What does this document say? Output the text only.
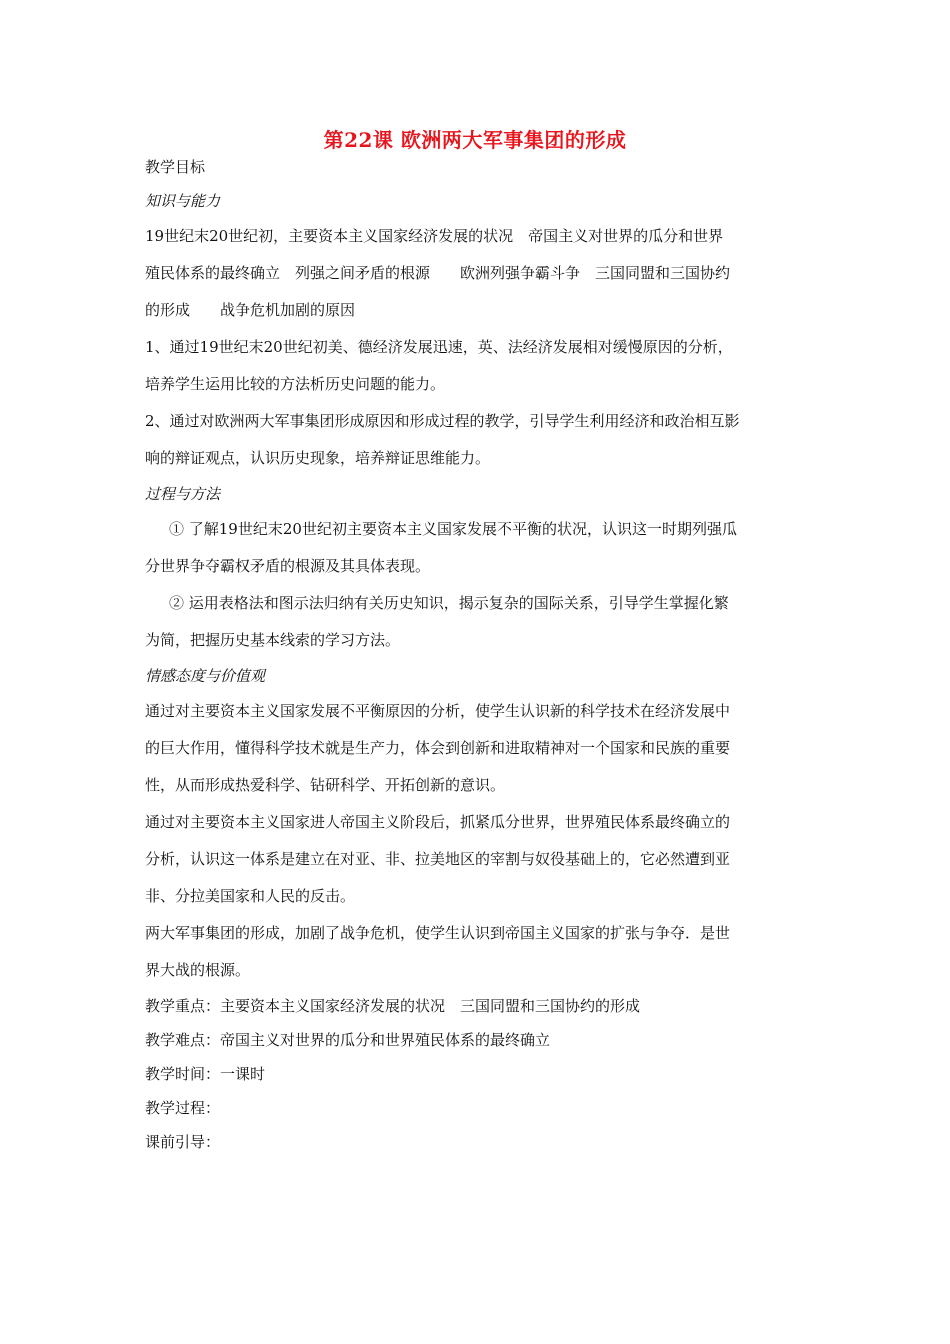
第22课 欧洲两大军事集团的形成
教学目标
知识与能力
19世纪末20世纪初，主要资本主义国家经济发展的状况　帝国主义对世界的瓜分和世界
殖民体系的最终确立　列强之间矛盾的根源　　欧洲列强争霸斗争　三国同盟和三国协约
的形成　　战争危机加剧的原因
1、通过19世纪末20世纪初美、德经济发展迅速，英、法经济发展相对缓慢原因的分析，
培养学生运用比较的方法析历史问题的能力。
2、通过对欧洲两大军事集团形成原因和形成过程的教学，引导学生利用经济和政治相互影
响的辩证观点，认识历史现象，培养辩证思维能力。
过程与方法
① 了解19世纪末20世纪初主要资本主义国家发展不平衡的状况，认识这一时期列强瓜
分世界争夺霸权矛盾的根源及其具体表现。
② 运用表格法和图示法归纳有关历史知识，揭示复杂的国际关系，引导学生掌握化繁
为简，把握历史基本线索的学习方法。
情感态度与价值观
通过对主要资本主义国家发展不平衡原因的分析，使学生认识新的科学技术在经济发展中
的巨大作用，懂得科学技术就是生产力，体会到创新和进取精神对一个国家和民族的重要
性，从而形成热爱科学、钻研科学、开拓创新的意识。
通过对主要资本主义国家进人帝国主义阶段后，抓紧瓜分世界，世界殖民体系最终确立的
分析，认识这一体系是建立在对亚、非、拉美地区的宰割与奴役基础上的，它必然遭到亚
非、分拉美国家和人民的反击。
两大军事集团的形成，加剧了战争危机，使学生认识到帝国主义国家的扩张与争夺．是世
界大战的根源。
教学重点：主要资本主义国家经济发展的状况　三国同盟和三国协约的形成
教学难点：帝国主义对世界的瓜分和世界殖民体系的最终确立
教学时间：一课时
教学过程：
课前引导：
